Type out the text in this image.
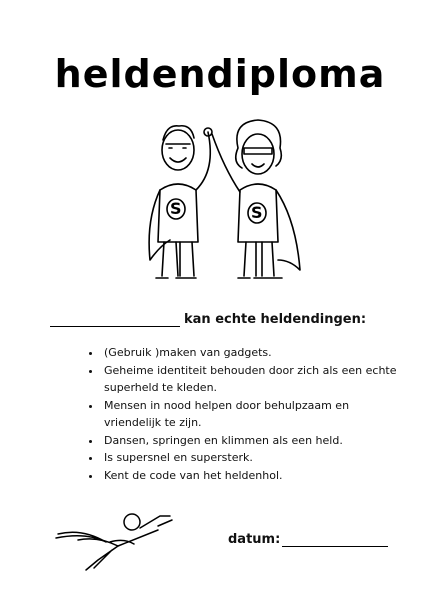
heldendiploma
S	S
kan echte heldendingen:
• (Gebruik )maken van gadgets.
• Geheime identiteit behouden door zich als een echte superheld te kleden.
• Mensen in nood helpen door behulpzaam en vriendelijk te zijn.
• Dansen, springen en klimmen als een held.
• Is supersnel en supersterk.
• Kent de code van het heldenhol.
datum:
